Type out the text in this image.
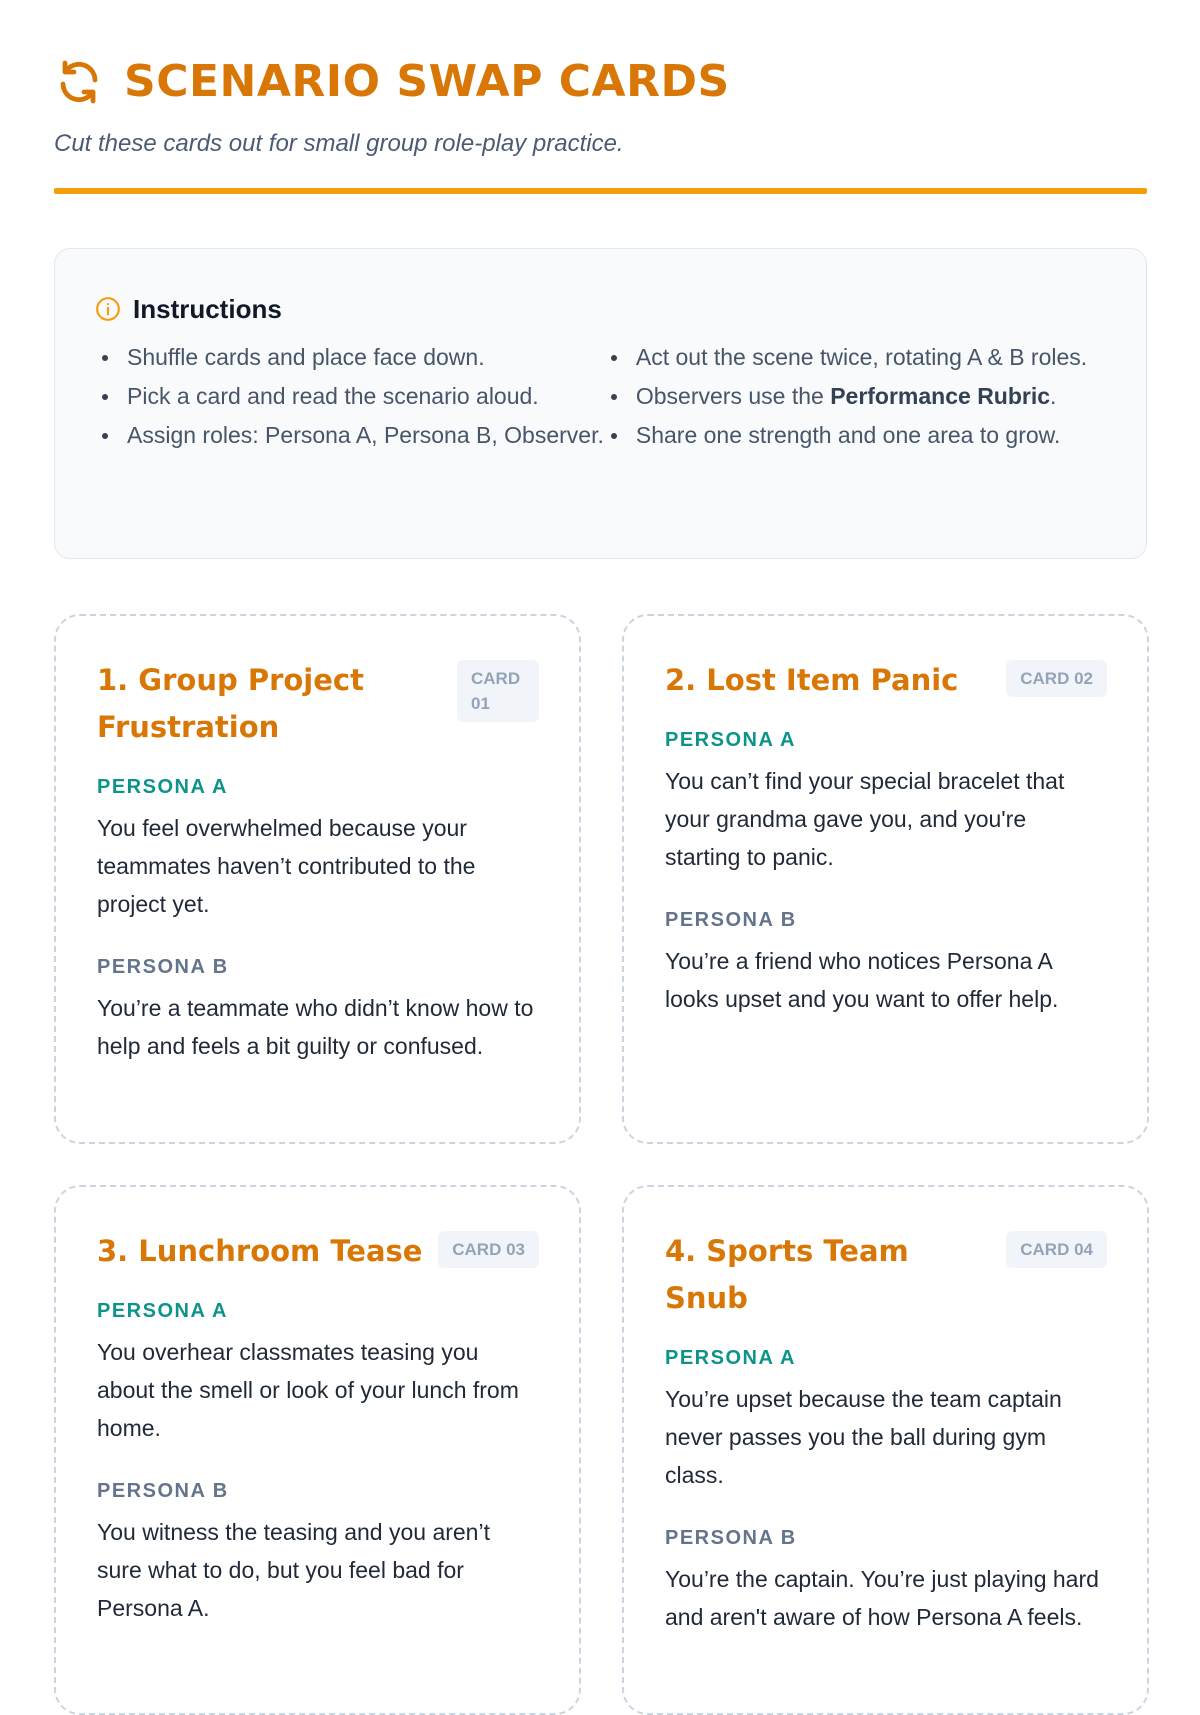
SCENARIO SWAP CARDS
Cut these cards out for small group role-play practice.
Instructions
Shuffle cards and place face down.
Pick a card and read the scenario aloud.
Assign roles: Persona A, Persona B, Observer.
Act out the scene twice, rotating A & B roles.
Observers use the Performance Rubric.
Share one strength and one area to grow.
1. Group Project Frustration
CARD 01
PERSONA A
You feel overwhelmed because your teammates haven’t contributed to the project yet.
PERSONA B
You’re a teammate who didn’t know how to help and feels a bit guilty or confused.
2. Lost Item Panic	CARD 02
PERSONA A
You can’t find your special bracelet that your grandma gave you, and you're starting to panic.
PERSONA B
You’re a friend who notices Persona A looks upset and you want to offer help.
3. Lunchroom Tease	CARD 03
PERSONA A
You overhear classmates teasing you about the smell or look of your lunch from home.
PERSONA B
You witness the teasing and you aren’t sure what to do, but you feel bad for Persona A.
4. Sports Team Snub
CARD 04
PERSONA A
You’re upset because the team captain never passes you the ball during gym class.
PERSONA B
You’re the captain. You’re just playing hard and aren't aware of how Persona A feels.
